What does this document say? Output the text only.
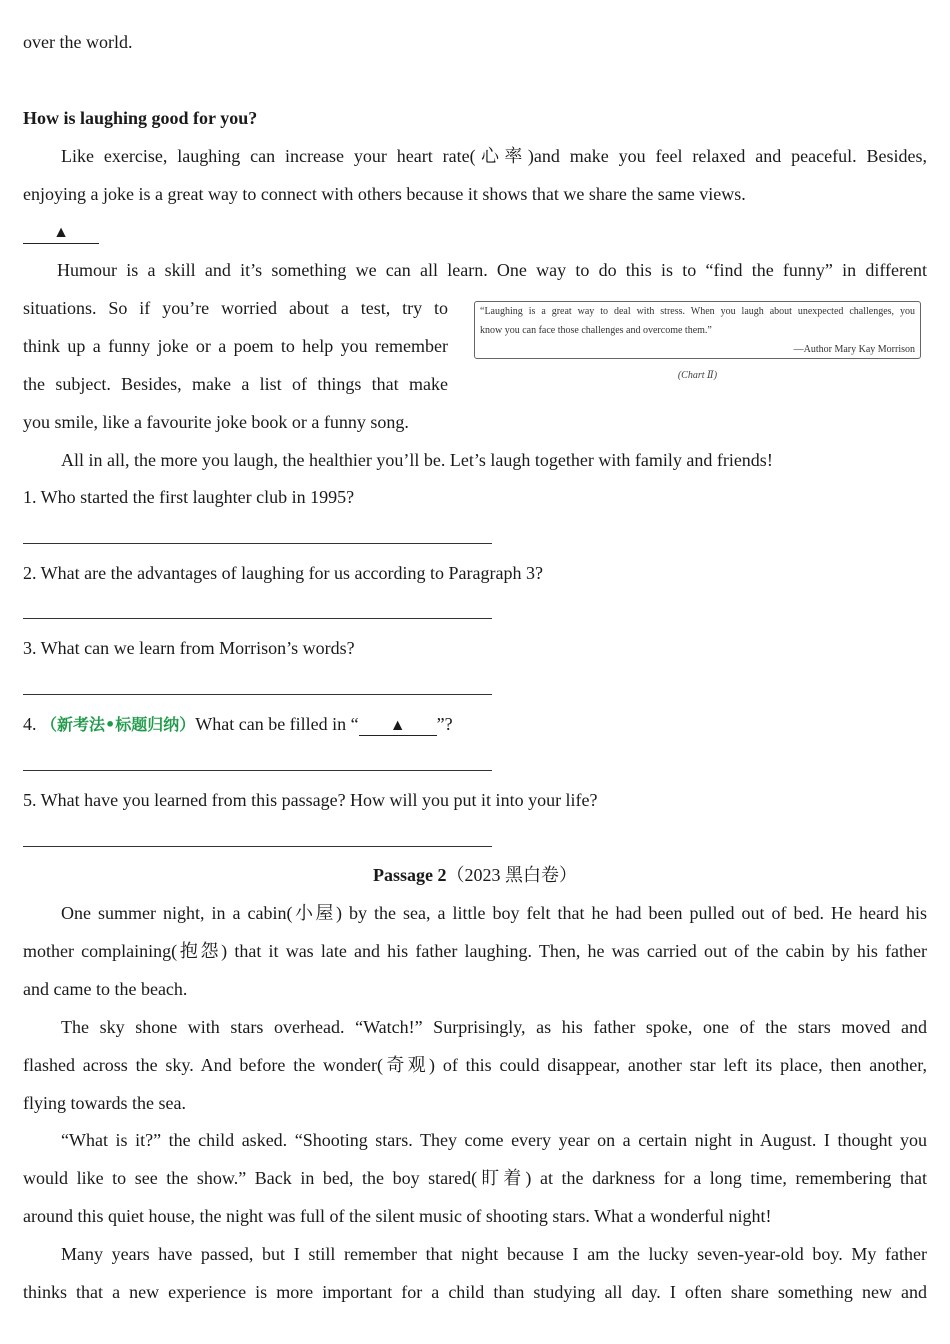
over the world.
How is laughing good for you?
Like exercise, laughing can increase your heart rate(心率)and make you feel relaxed and peaceful. Besides,
enjoying a joke is a great way to connect with others because it shows that we share the same views.
▲
Humour is a skill and it’s something we can all learn. One way to do this is to “find the funny” in different
situations. So if you’re worried about a test, try to
think up a funny joke or a poem to help you remember
the subject. Besides, make a list of things that make
you smile, like a favourite joke book or a funny song.
“Laughing is a great way to deal with stress. When you laugh about unexpected challenges, you
know you can face those challenges and overcome them.”
—Author Mary Kay Morrison
(Chart Ⅱ)
All in all, the more you laugh, the healthier you’ll be. Let’s laugh together with family and friends!
1. Who started the first laughter club in 1995?
2. What are the advantages of laughing for us according to Paragraph 3?
3. What can we learn from Morrison’s words?
4. （新考法•标题归纳）What can be filled in “ ▲ ”?
5. What have you learned from this passage? How will you put it into your life?
Passage 2（2023 黑白卷）
One summer night, in a cabin(小屋) by the sea, a little boy felt that he had been pulled out of bed. He heard his
mother complaining(抱怨) that it was late and his father laughing. Then, he was carried out of the cabin by his father
and came to the beach.
The sky shone with stars overhead. “Watch!” Surprisingly, as his father spoke, one of the stars moved and
flashed across the sky. And before the wonder(奇观) of this could disappear, another star left its place, then another,
flying towards the sea.
“What is it?” the child asked. “Shooting stars. They come every year on a certain night in August. I thought you
would like to see the show.” Back in bed, the boy stared(盯着) at the darkness for a long time, remembering that
around this quiet house, the night was full of the silent music of shooting stars. What a wonderful night!
Many years have passed, but I still remember that night because I am the lucky seven-year-old boy. My father
thinks that a new experience is more important for a child than studying all day. I often share something new and
